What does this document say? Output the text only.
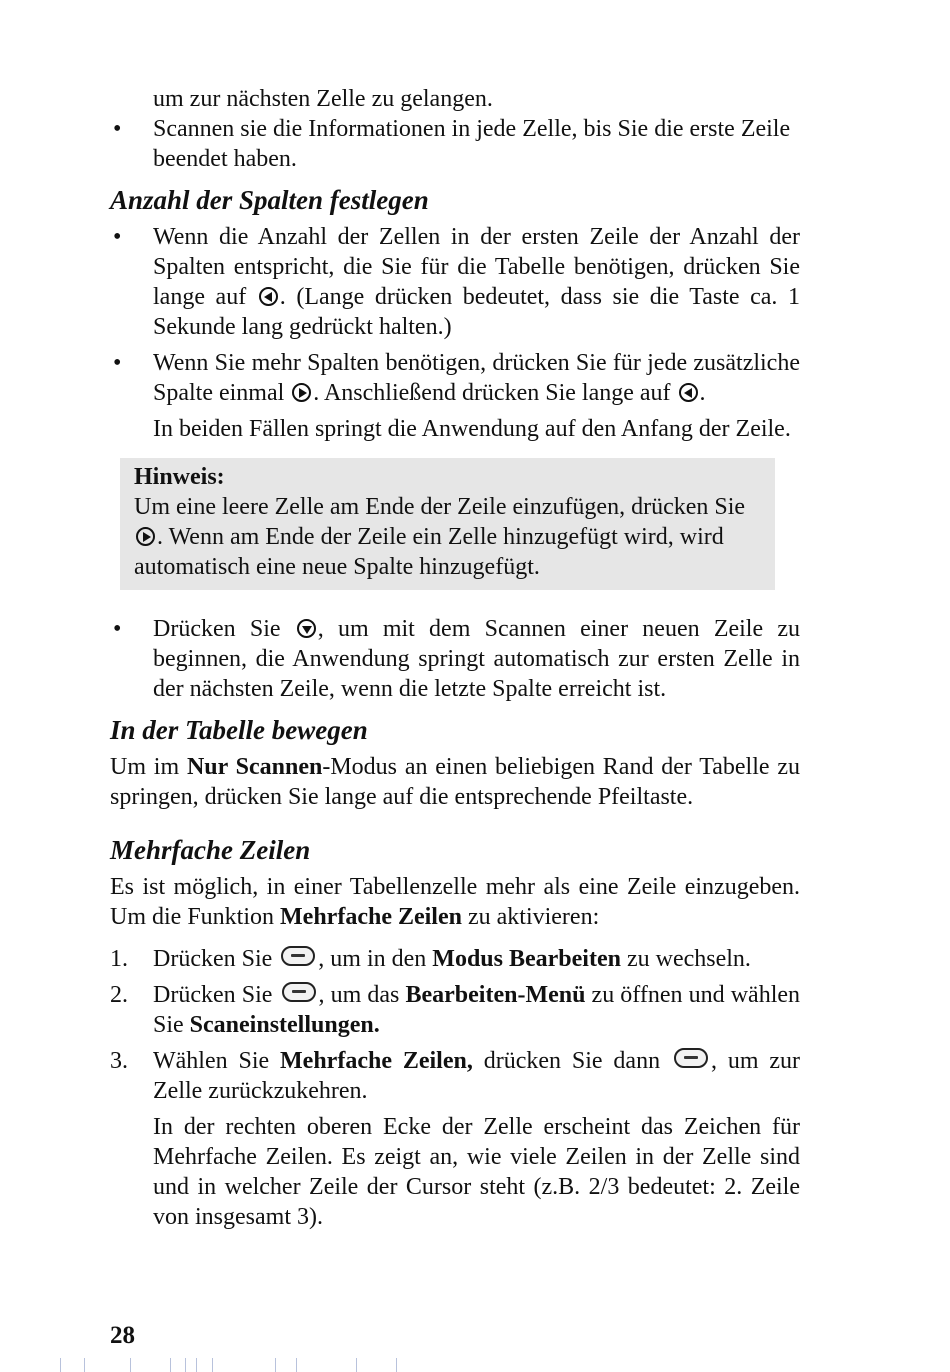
um zur nächsten Zelle zu gelangen.
•	Scannen sie die Informationen in jede Zelle, bis Sie die erste Zeile beendet haben.
Anzahl der Spalten festlegen
•	Wenn die Anzahl der Zellen in der ersten Zeile der Anzahl der Spalten entspricht, die Sie für die Tabelle benötigen, drücken Sie lange auf . (Lange drücken bedeutet, dass sie die Taste ca. 1 Sekunde lang gedrückt halten.)
•	Wenn Sie mehr Spalten benötigen, drücken Sie für jede zusätzliche Spalte einmal . Anschließend drücken Sie lange auf .
In beiden Fällen springt die Anwendung auf den Anfang der Zeile.
Hinweis:
Um eine leere Zelle am Ende der Zeile einzufügen, drücken Sie . Wenn am Ende der Zeile ein Zelle hinzugefügt wird, wird automatisch eine neue Spalte hinzugefügt.
•	Drücken Sie , um mit dem Scannen einer neuen Zeile zu beginnen, die Anwendung springt automatisch zur ersten Zelle in der nächsten Zeile, wenn die letzte Spalte erreicht ist.
In der Tabelle bewegen
Um im Nur Scannen-Modus an einen beliebigen Rand der Tabelle zu springen, drücken Sie lange auf die entsprechende Pfeiltaste.
Mehrfache Zeilen
Es ist möglich, in einer Tabellenzelle mehr als eine Zeile einzugeben. Um die Funktion Mehrfache Zeilen zu aktivieren:
1.	Drücken Sie , um in den Modus Bearbeiten zu wechseln.
2.	Drücken Sie , um das Bearbeiten-Menü zu öffnen und wählen Sie Scaneinstellungen.
3.	Wählen Sie Mehrfache Zeilen, drücken Sie dann , um zur Zelle zurückzukehren.
In der rechten oberen Ecke der Zelle erscheint das Zeichen für Mehrfache Zeilen. Es zeigt an, wie viele Zeilen in der Zelle sind und in welcher Zeile der Cursor steht (z.B. 2/3 bedeutet: 2. Zeile von insgesamt 3).
28
